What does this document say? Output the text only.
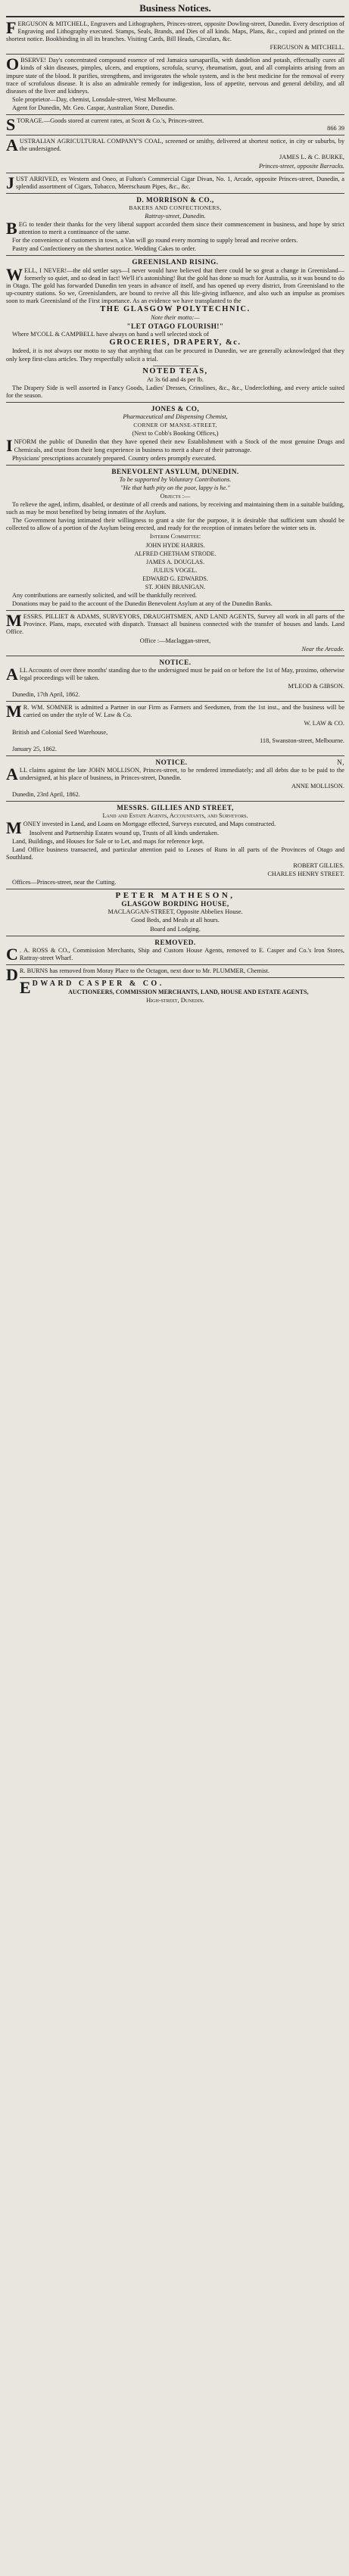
Business Notices.

FERGUSON & MITCHELL, Engravers and Lithographers, Princes-street, opposite Dowling-street, Dunedin. Every description of Engraving and Lithography executed. Stamps, Seals, Brands, and Dies of all kinds. Maps, Plans, &c., copied and printed on the shortest notice. Bookbinding in all its branches. Visiting Cards, Bill Heads, Circulars, &c.

FERGUSON & MITCHELL.

OBSERVE! Day's concentrated compound essence of red Jamaica sarsaparilla, with dandelion and potash, effectually cures all kinds of skin diseases, pimples, ulcers, and eruptions, scrofula, scurvy, rheumatism, gout, and all complaints arising from an impure state of the blood. It purifies, strengthens, and invigorates the whole system, and is the best medicine for the removal of every trace of scrofulous disease. It is also an admirable remedy for indigestion, loss of appetite, nervous and general debility, and all diseases of the liver and kidneys.

Sole proprietor—Day, chemist, Lonsdale-street, West Melbourne.

Agent for Dunedin, Mr. Geo. Caspar, Australian Store, Dunedin.

STORAGE.—Goods stored at current rates, at Scott & Co.'s, Princes-street.
866 39

AUSTRALIAN AGRICULTURAL COMPANY'S COAL, screened or smithy, delivered at shortest notice, in city or suburbs, by the undersigned.

JAMES L. & C. BURKE,

Princes-street, opposite Barracks.

JUST ARRIVED, ex Western and Oneo, at Fulton's Commercial Cigar Divan, No. 1, Arcade, opposite Princes-street, Dunedin, a splendid assortment of Cigars, Tobacco, Meerschaum Pipes, &c., &c.

D. MORRISON & CO.,

BAKERS AND CONFECTIONERS,

Rattray-street, Dunedin.

BEG to tender their thanks for the very liberal support accorded them since their commencement in business, and hope by strict attention to merit a continuance of the same.

For the convenience of customers in town, a Van will go round every morning to supply bread and receive orders.

Pastry and Confectionery on the shortest notice. Wedding Cakes to order.

GREENISLAND RISING.

WELL, I NEVER!—the old settler says—I never would have believed that there could be so great a change in Greenisland—formerly so quiet, and so dead in fact! We'll it's astonishing! But the gold has done so much for Australia, so it was bound to do in Otago. The gold has forwarded Dunedin ten years in advance of itself, and has opened up every district, from Greenisland to the up-country stations. So we, Greenislanders, are bound to revive all this life-giving influence, and also such an impulse as promises soon to mark Greenisland of the First importance. As an evidence we have transplanted to the

THE GLASGOW POLYTECHNIC.

Note their motto:—

"LET OTAGO FLOURISH!"

Where M'COLL & CAMPBELL have always on hand a well selected stock of

GROCERIES, DRAPERY, &c.

Indeed, it is not always our motto to say that anything that can be procured in Dunedin, we are generally acknowledged that they only keep first-class articles. They respectfully solicit a trial.

NOTED TEAS,

At 3s 6d and 4s per lb.

The Drapery Side is well assorted in Fancy Goods, Ladies' Dresses, Crinolines, &c., &c., Underclothing, and every article suited for the season.

JONES & CO,

Pharmaceutical and Dispensing Chemist,

CORNER OF MANSE-STREET,

(Next to Cobb's Booking Offices,)

INFORM the public of Dunedin that they have opened their new Establishment with a Stock of the most genuine Drugs and Chemicals, and trust from their long experience in business to merit a share of their patronage.

Physicians' prescriptions accurately prepared. Country orders promptly executed.

BENEVOLENT ASYLUM, DUNEDIN.

To be supported by Voluntary Contributions.

"He that hath pity on the poor, lappy is he."

Objects :—

To relieve the aged, infirm, disabled, or destitute of all creeds and nations, by receiving and maintaining them in a suitable building, such as may be most benefited by being inmates of the Asylum.

The Government having intimated their willingness to grant a site for the purpose, it is desirable that sufficient sum should be collected to allow of a portion of the Asylum being erected, and ready for the reception of inmates before the winter sets in.

Interim Committee:

JOHN HYDE HARRIS.

ALFRED CHETHAM STRODE.

JAMES A. DOUGLAS.

JULIUS VOGEL.

EDWARD G. EDWARDS.

ST. JOHN BRANIGAN.

Any contributions are earnestly solicited, and will be thankfully received.

Donations may be paid to the account of the Dunedin Benevolent Asylum at any of the Dunedin Banks.

MESSRS. PILLIET & ADAMS, SURVEYORS, DRAUGHTSMEN, AND LAND AGENTS, Survey all work in all parts of the Province. Plans, maps, executed with dispatch. Transact all business connected with the transfer of houses and lands. Land Office.

Office :—Maclaggan-street,

Near the Arcade.

NOTICE.

ALL Accounts of over three months' standing due to the undersigned must be paid on or before the 1st of May, proximo, otherwise legal proceedings will be taken.

M'LEOD & GIBSON.

Dunedin, 17th April, 1862.

M R. WM. SOMNER is admitted a Partner in our Firm as Farmers and Seedsmen, from the 1st inst., and the business will be carried on under the style of W. Law & Co.

W. LAW & CO.

British and Colonial Seed Warehouse,

118, Swanston-street, Melbourne.

January 25, 1862.

NOTICE.	N,

ALL claims against the late JOHN MOLLISON, Princes-street, to be rendered immediately; and all debts due to be paid to the undersigned, at his place of business, in Princes-street, Dunedin.

ANNE MOLLISON.

Dunedin, 23rd April, 1862.

MESSRS. GILLIES AND STREET,

Land and Estate Agents, Accountants, and Surveyors.

MONEY invested in Land, and Loans on Mortgage effected, Surveys executed, and Maps constructed.

Insolvent and Partnership Estates wound up, Trusts of all kinds undertaken.

Land, Buildings, and Houses for Sale or to Let, and maps for reference kept.

Land Office business transacted, and particular attention paid to Leases of Runs in all parts of the Provinces of Otago and Southland.

ROBERT GILLIES.

CHARLES HENRY STREET.

Offices—Princes-street, near the Cutting.

PETER MATHESON,

GLASGOW BORDING HOUSE,

MACLAGGAN-STREET, Opposite Abbeliex House.

Good Beds, and Meals at all hours.

Board and Lodging.

REMOVED.

C . A. ROSS & CO., Commission Merchants, Ship and Custom House Agents, removed to E. Casper and Co.'s Iron Stores, Rattray-street Wharf.

D R. BURNS has removed from Moray Place to the Octagon, next door to Mr. PLUMMER, Chemist.

EDWARD CASPER & CO.

AUCTIONEERS, COMMISSION MERCHANTS, LAND, HOUSE AND ESTATE AGENTS,

High-street, Dunedin.
